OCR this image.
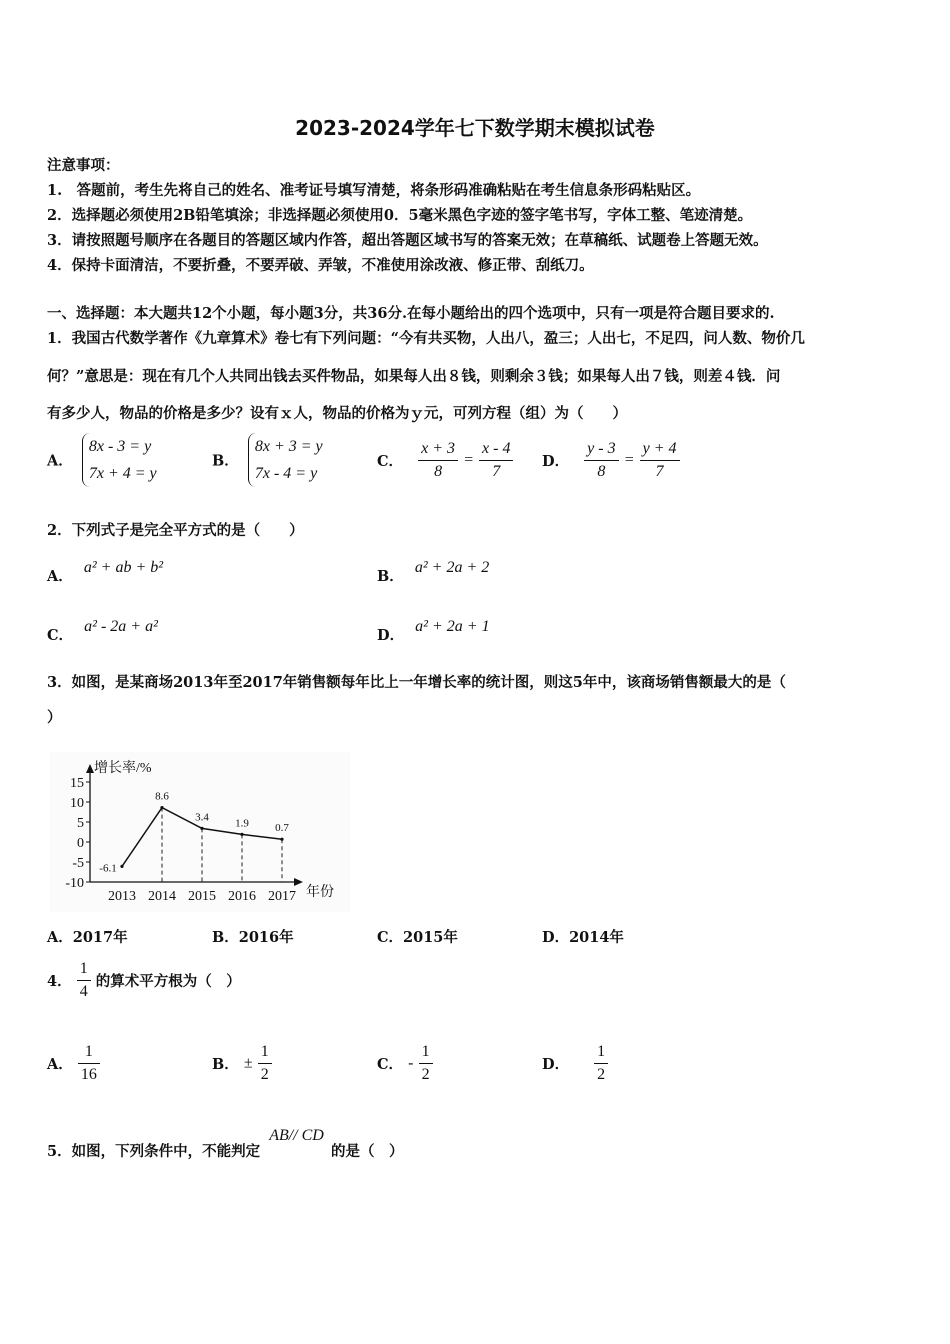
2023-2024学年七下数学期末模拟试卷
注意事项：
1.　答题前，考生先将自己的姓名、准考证号填写清楚，将条形码准确粘贴在考生信息条形码粘贴区。
2．选择题必须使用2B铅笔填涂；非选择题必须使用0．5毫米黑色字迹的签字笔书写，字体工整、笔迹清楚。
3．请按照题号顺序在各题目的答题区域内作答，超出答题区域书写的答案无效；在草稿纸、试题卷上答题无效。
4．保持卡面清洁，不要折叠，不要弄破、弄皱，不准使用涂改液、修正带、刮纸刀。
一、选择题：本大题共12个小题，每小题3分，共36分.在每小题给出的四个选项中，只有一项是符合题目要求的.
1．我国古代数学著作《九章算术》卷七有下列问题：“今有共买物，人出八，盈三；人出七，不足四，问人数、物价几
何？”意思是：现在有几个人共同出钱去买件物品，如果每人出８钱，则剩余３钱；如果每人出７钱，则差４钱．问
有多少人，物品的价格是多少？设有ｘ人，物品的价格为ｙ元，可列方程（组）为（　　）
A． 8x - 3 = y
7x + 4 = y
B． 8x + 3 = y
7x - 4 = y
C． $\frac{x + 3}{8} = \frac{x - 4}{7}$ D． $\frac{y - 3}{8} = \frac{y + 4}{7}$
2．下列式子是完全平方式的是（　　）
A． a² + ab + b²
B． a² + 2a + 2
C． a² - 2a + a²
D． a² + 2a + 1
3．如图，是某商场2013年至2017年销售额每年比上一年增长率的统计图，则这5年中，该商场销售额最大的是（
）
增长率/%
年份
15
10
5
0
-5
-10
2013 2014 2015 2016 2017
-6.1
8.6
3.4 1.9 0.7
A．2017年	B．2016年	C．2015年	D．2014年
4． $\frac{1}{4}$ 的算术平方根为（　）
A． $\frac{1}{16}$	B． ± $\frac{1}{2}$	C． - $\frac{1}{2}$	D． $\frac{1}{2}$
5．如图，下列条件中，不能判定 AB// CD 的是（　）
